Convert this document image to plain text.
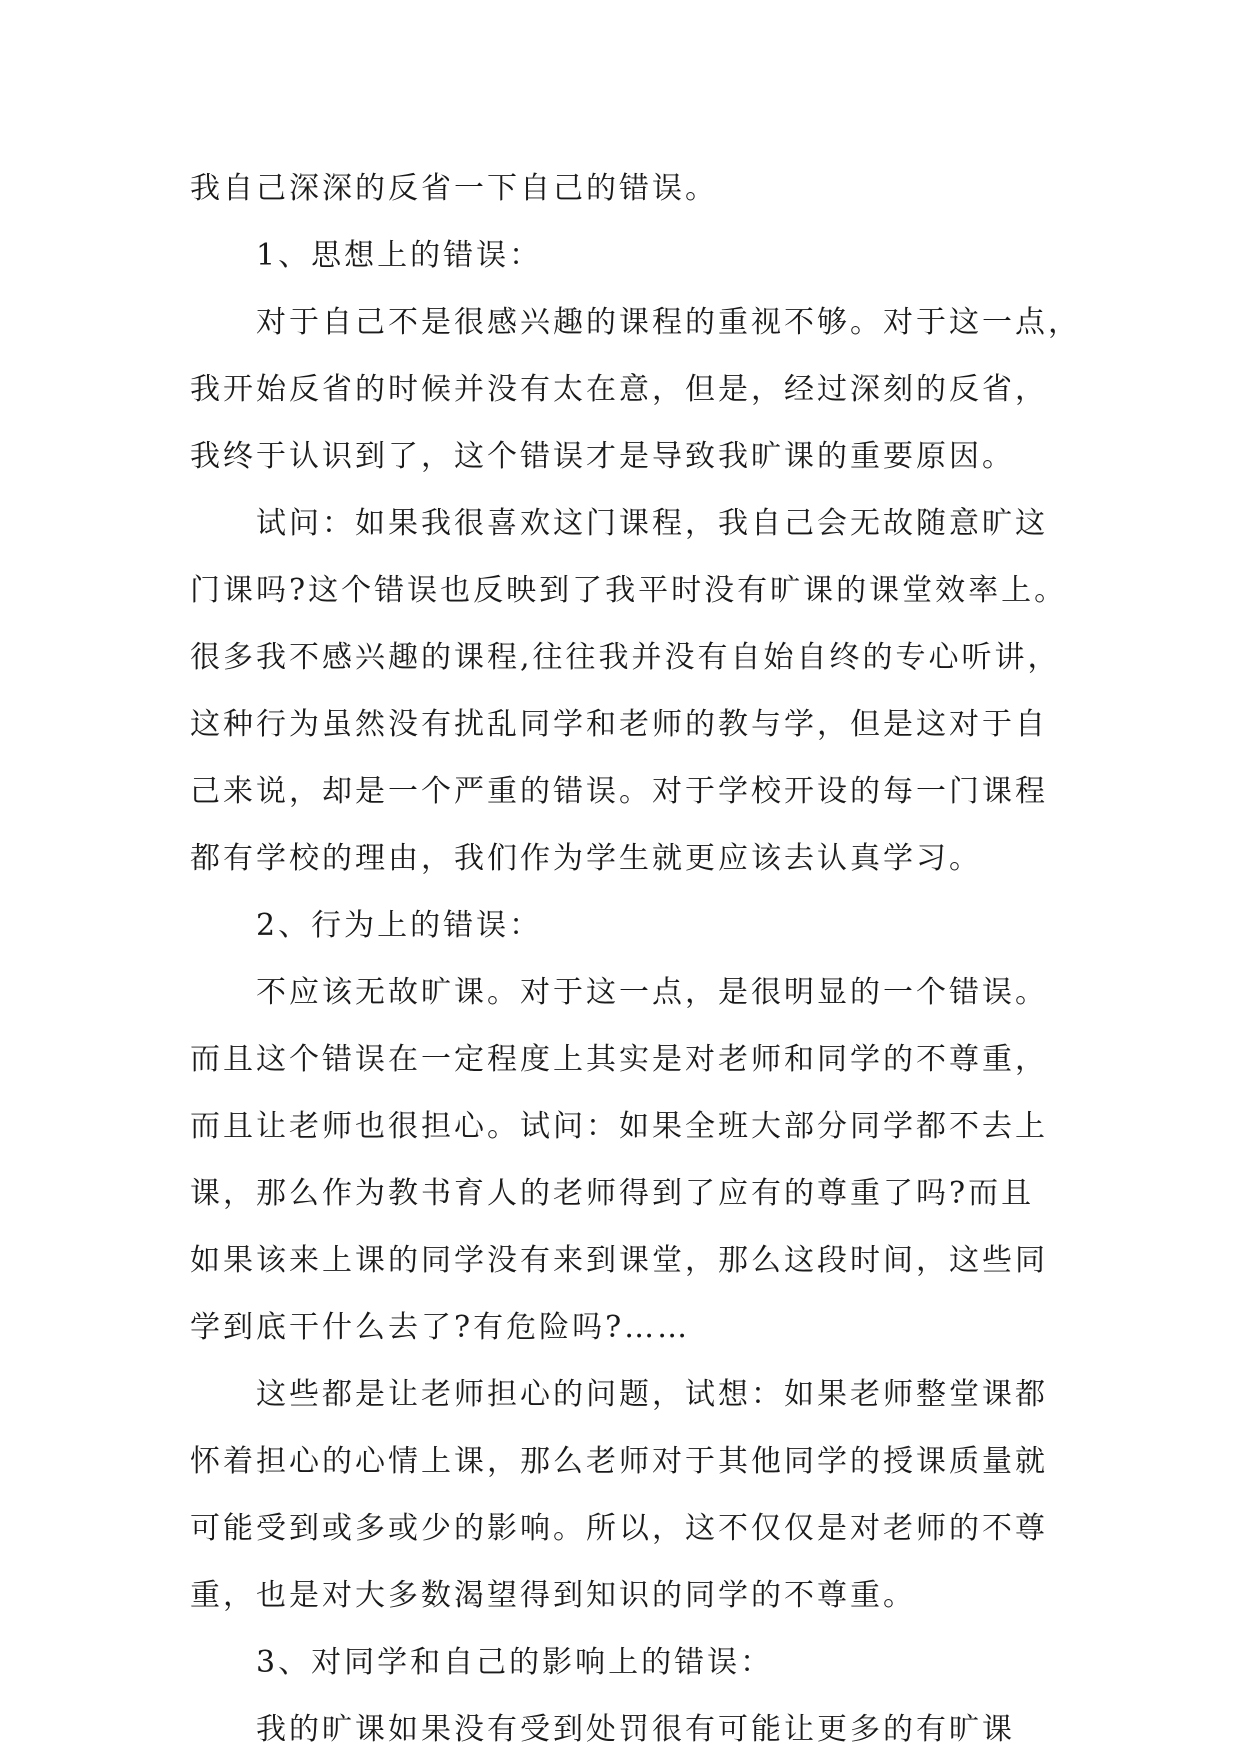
我自己深深的反省一下自己的错误。
1、思想上的错误：
对于自己不是很感兴趣的课程的重视不够。对于这一点，
我开始反省的时候并没有太在意，但是，经过深刻的反省，
我终于认识到了，这个错误才是导致我旷课的重要原因。
试问：如果我很喜欢这门课程，我自己会无故随意旷这
门课吗?这个错误也反映到了我平时没有旷课的课堂效率上。
很多我不感兴趣的课程,往往我并没有自始自终的专心听讲，
这种行为虽然没有扰乱同学和老师的教与学，但是这对于自
己来说，却是一个严重的错误。对于学校开设的每一门课程
都有学校的理由，我们作为学生就更应该去认真学习。
2、行为上的错误：
不应该无故旷课。对于这一点，是很明显的一个错误。
而且这个错误在一定程度上其实是对老师和同学的不尊重，
而且让老师也很担心。试问：如果全班大部分同学都不去上
课，那么作为教书育人的老师得到了应有的尊重了吗?而且
如果该来上课的同学没有来到课堂，那么这段时间，这些同
学到底干什么去了?有危险吗?……
这些都是让老师担心的问题，试想：如果老师整堂课都
怀着担心的心情上课，那么老师对于其他同学的授课质量就
可能受到或多或少的影响。所以，这不仅仅是对老师的不尊
重，也是对大多数渴望得到知识的同学的不尊重。
3、对同学和自己的影响上的错误：
我的旷课如果没有受到处罚很有可能让更多的有旷课
